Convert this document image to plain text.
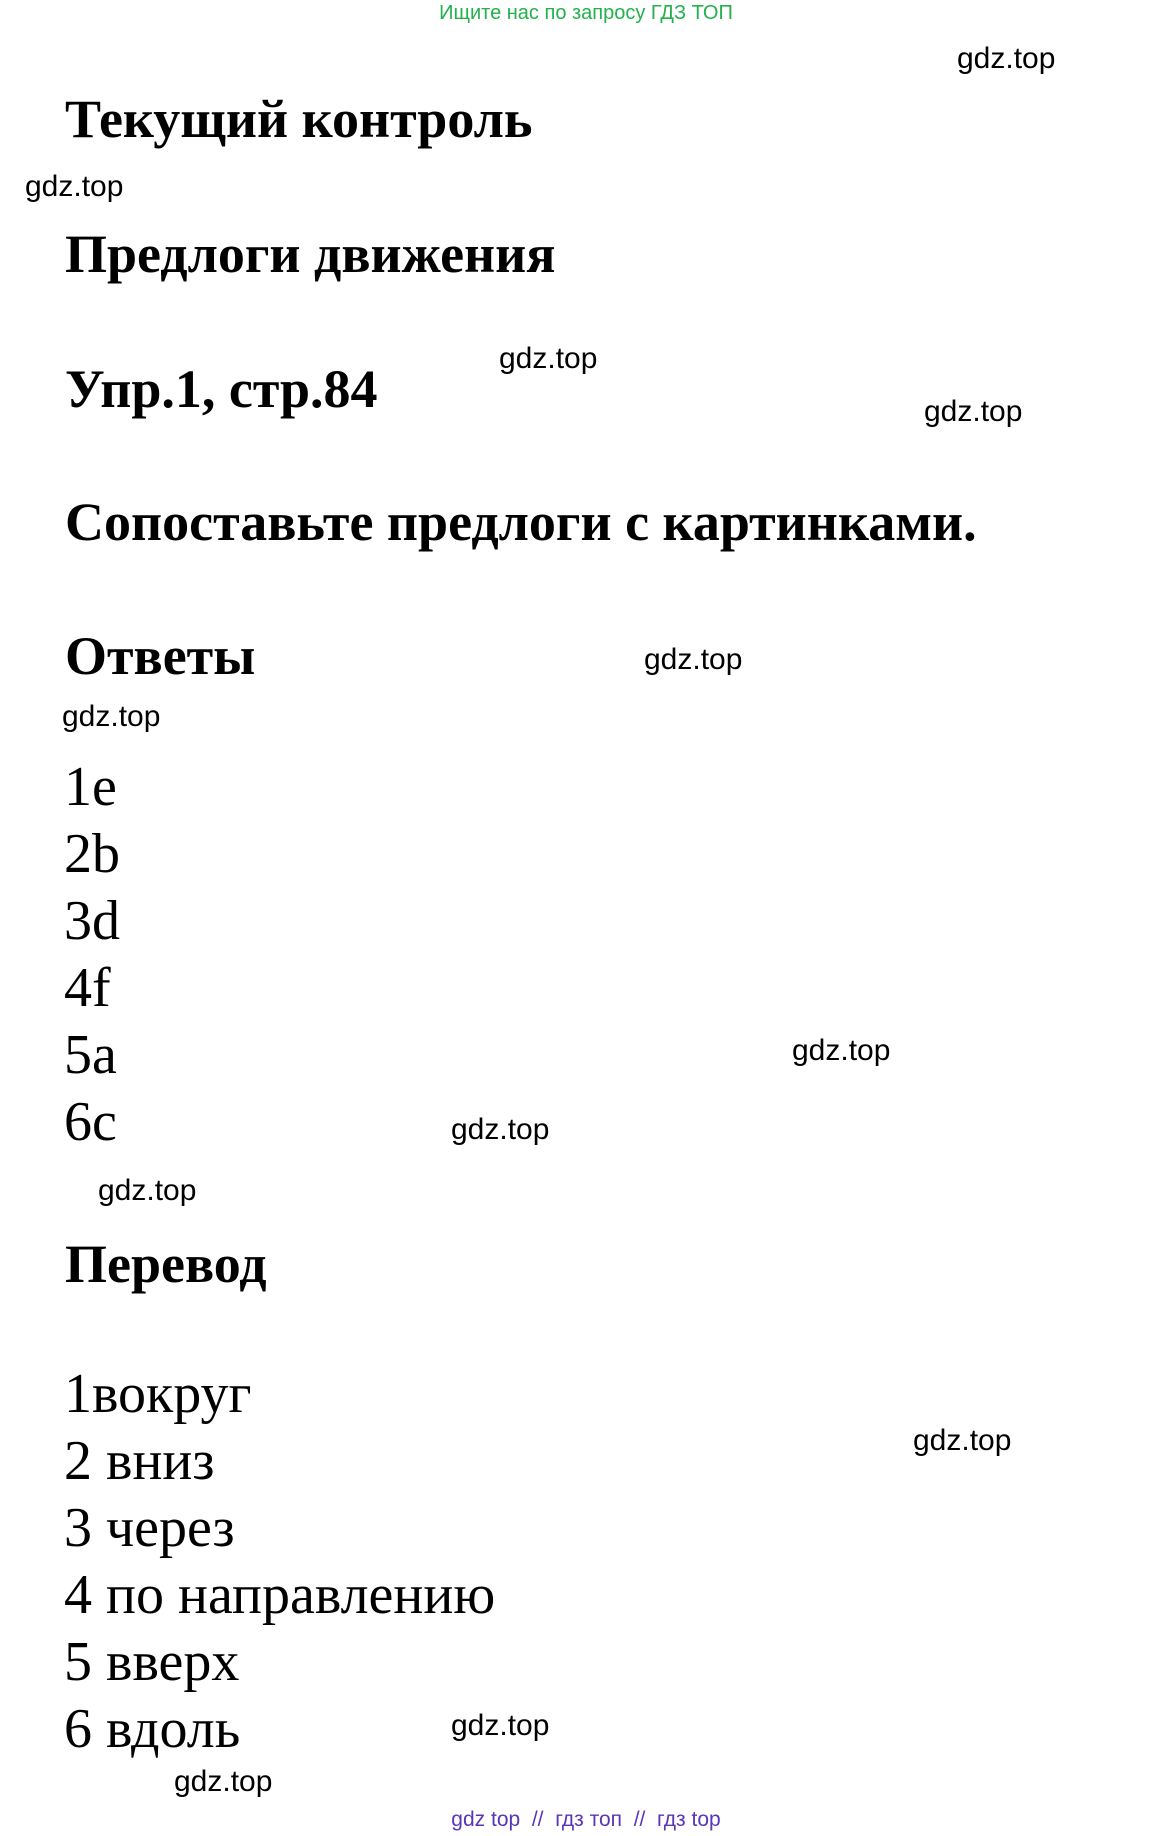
Ищите нас по запросу ГДЗ ТОП
Текущий контроль
Предлоги движения
Упр.1, стр.84
Сопоставьте предлоги с картинками.
Ответы
1e
2b
3d
4f
5a
6c
Перевод
1вокруг
2 вниз
3 через
4 по направлению
5 вверх
6 вдоль
gdz.top
gdz.top
gdz.top
gdz.top
gdz.top
gdz.top
gdz.top
gdz.top
gdz.top
gdz.top
gdz.top
gdz.top
gdz top  //  гдз топ  //  гдз top
